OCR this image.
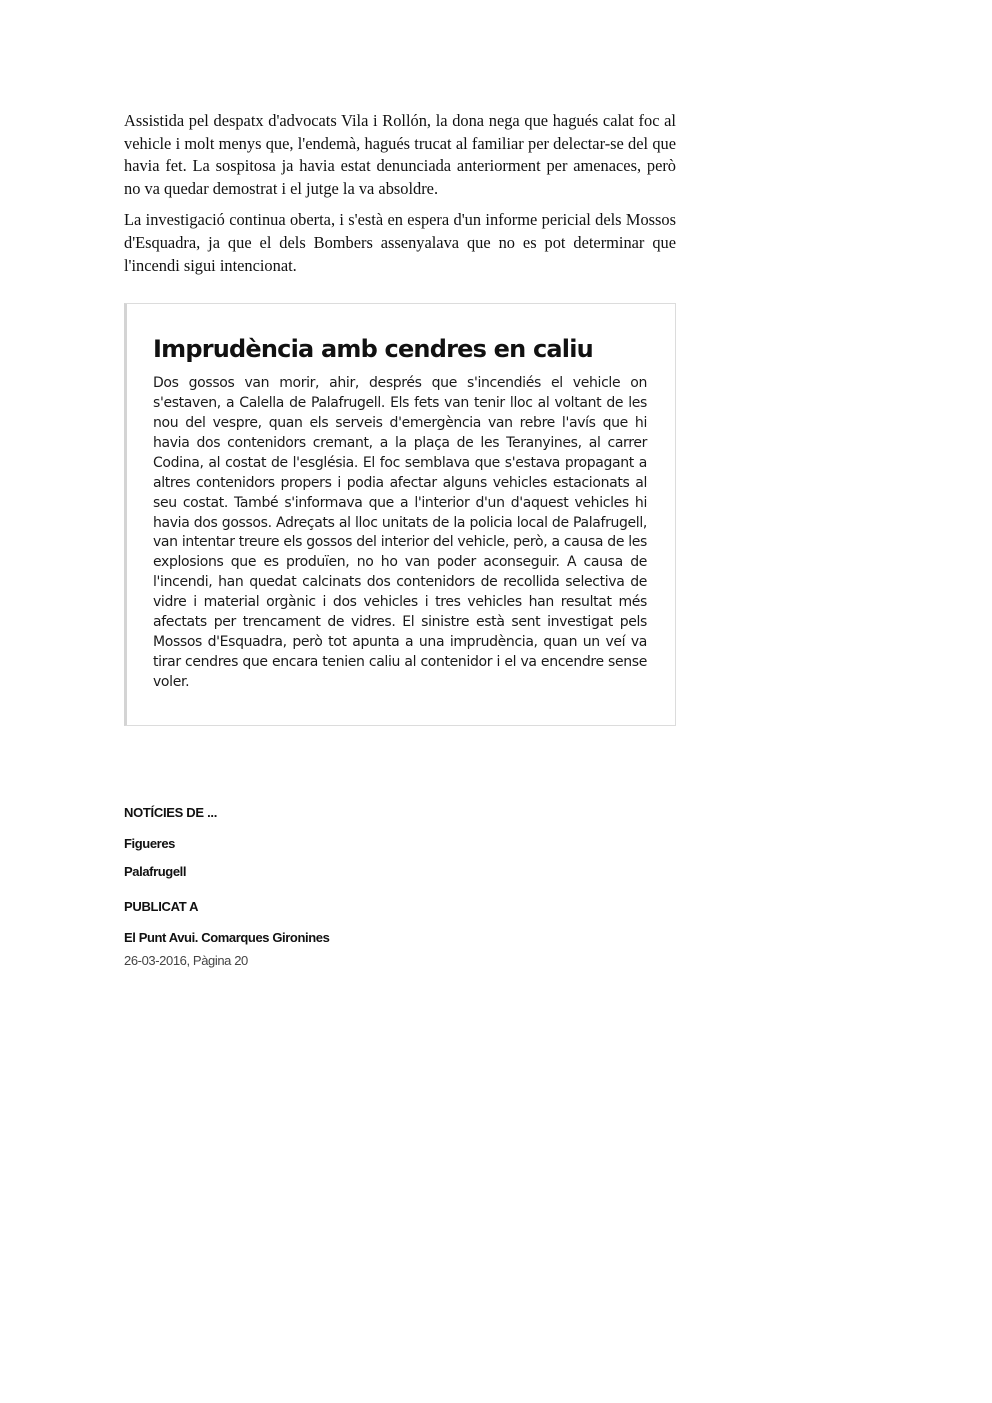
Assistida pel despatx d'advocats Vila i Rollón, la dona nega que hagués calat foc al vehicle i molt menys que, l'endemà, hagués trucat al familiar per delectar-se del que havia fet. La sospitosa ja havia estat denunciada anteriorment per amenaces, però no va quedar demostrat i el jutge la va absoldre.

La investigació continua oberta, i s'està en espera d'un informe pericial dels Mossos d'Esquadra, ja que el dels Bombers assenyalava que no es pot determinar que l'incendi sigui intencionat.

Imprudència amb cendres en caliu

Dos gossos van morir, ahir, després que s'incendiés el vehicle on s'estaven, a Calella de Palafrugell. Els fets van tenir lloc al voltant de les nou del vespre, quan els serveis d'emergència van rebre l'avís que hi havia dos contenidors cremant, a la plaça de les Teranyines, al carrer Codina, al costat de l'església. El foc semblava que s'estava propagant a altres contenidors propers i podia afectar alguns vehicles estacionats al seu costat. També s'informava que a l'interior d'un d'aquest vehicles hi havia dos gossos. Adreçats al lloc unitats de la policia local de Palafrugell, van intentar treure els gossos del interior del vehicle, però, a causa de les explosions que es produïen, no ho van poder aconseguir. A causa de l'incendi, han quedat calcinats dos contenidors de recollida selectiva de vidre i material orgànic i dos vehicles i tres vehicles han resultat més afectats per trencament de vidres. El sinistre està sent investigat pels Mossos d'Esquadra, però tot apunta a una imprudència, quan un veí va tirar cendres que encara tenien caliu al contenidor i el va encendre sense voler.

NOTÍCIES DE ...

Figueres

Palafrugell

PUBLICAT A

El Punt Avui. Comarques Gironines

26-03-2016, Pàgina 20
